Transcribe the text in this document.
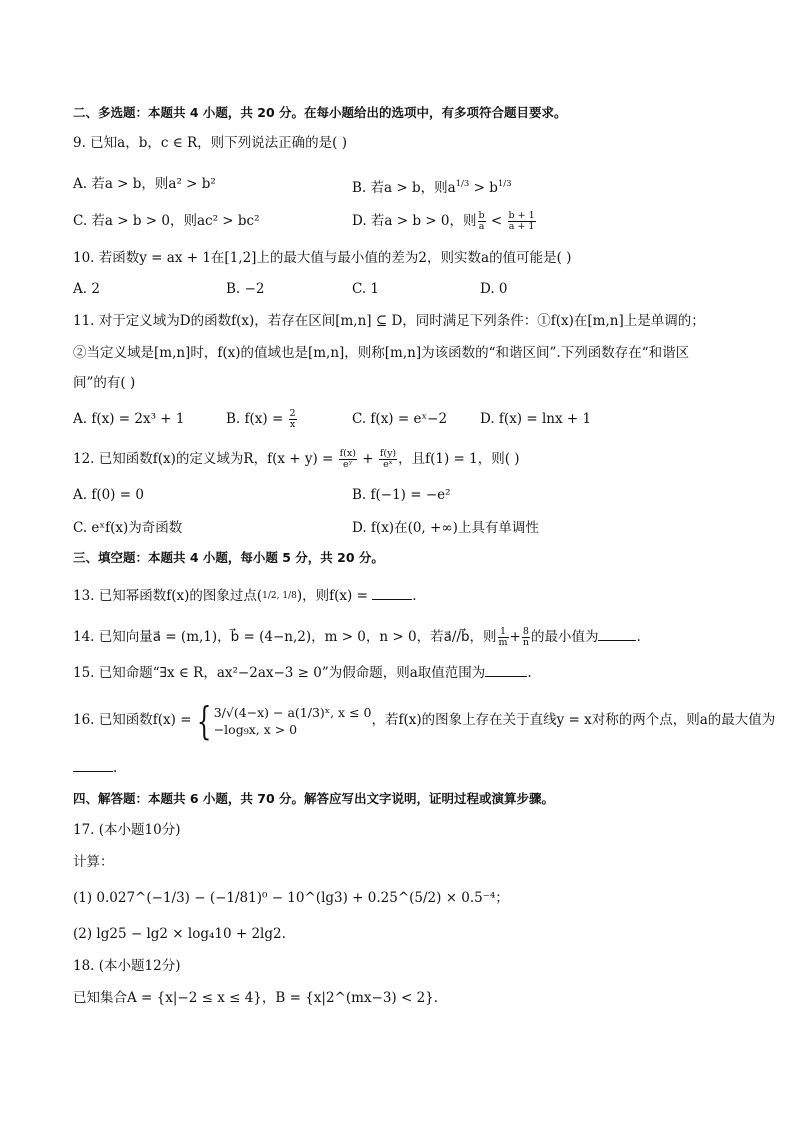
二、多选题：本题共 4 小题，共 20 分。在每小题给出的选项中，有多项符合题目要求。
9. 已知a，b，c ∈ R，则下列说法正确的是( )
A. 若a > b，则a² > b²	B. 若a > b，则$a^{1/3} > b^{1/3}$
C. 若a > b > 0，则ac² > bc²	D. 若a > b > 0，则 $\frac{b}{a} < \frac{b + 1}{a + 1}$
10. 若函数y = ax + 1在[1,2]上的最大值与最小值的差为2，则实数a的值可能是( )
A. 2	B. −2	C. 1	D. 0
11. 对于定义域为D的函数f(x)，若存在区间[m,n] ⊆ D，同时满足下列条件：①f(x)在[m,n]上是单调的；
②当定义域是[m,n]时，f(x)的值域也是[m,n]，则称[m,n]为该函数的“和谐区间”.下列函数存在“和谐区
间”的有( )
A. f(x) = 2x³ + 1	B. $f(x) = \frac{2}{x}$	C. f(x) = eˣ−2 D. f(x) = lnx + 1
12. 已知函数f(x)的定义域为R，$f(x + y) = \frac{f(x)}{\text{eʸ}} + \frac{f(y)}{\text{eˣ}}$ ，且f(1) = 1，则( )
A. f(0) = 0	B. f(−1) = −e²
C. eˣf(x)为奇函数	D. f(x)在(0, +∞)上具有单调性
三、填空题：本题共 4 小题，每小题 5 分，共 20 分。
13. 已知幂函数f(x)的图象过点(1/2, 1/8)，则f(x) =	.
14. 已知向量a⃗ = (m,1)，b⃗ = (4−n,2)，m > 0，n > 0，若a⃗//b⃗，则 $\frac{1}{m} + \frac{8}{n}$ 的最小值为	.
15. 已知命题“∃x ∈ R，ax²−2ax−3 ≥ 0”为假命题，则a取值范围为	.
16. 已知函数f(x) = { 3/√(4−x) − a(1/3)ˣ, x ≤ 0
−log₉x, x > 0
，若f(x)的图象上存在关于直线y = x对称的两个点，则a的最大值为
.
四、解答题：本题共 6 小题，共 70 分。解答应写出文字说明，证明过程或演算步骤。
17. (本小题10分)
计算：
(1) 0.027^(−1/3) − (−1/81)⁰ − 10^(lg3) + 0.25^(5/2) × 0.5⁻⁴；
(2) lg25 − lg2 × log₄10 + 2lg2.
18. (本小题12分)
已知集合A = {x|−2 ≤ x ≤ 4}，B = {x|2^(mx−3) < 2}.
